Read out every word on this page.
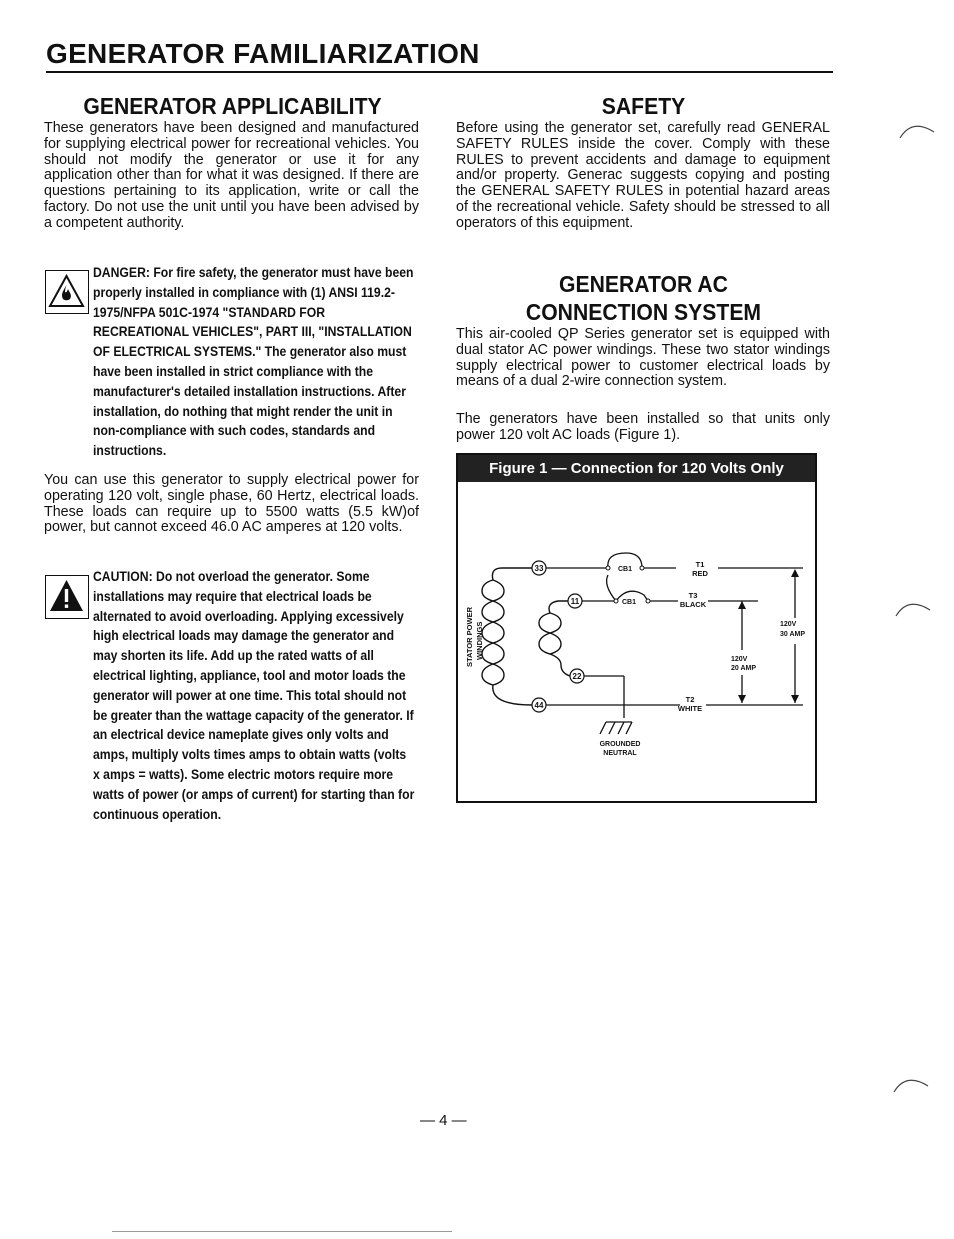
GENERATOR FAMILIARIZATION
GENERATOR APPLICABILITY

These generators have been designed and manufactured for supplying electrical power for recreational vehicles. You should not modify the generator or use it for any application other than for what it was designed. If there are questions pertaining to its application, write or call the factory. Do not use the unit until you have been advised by a competent authority.

DANGER: For fire safety, the generator must have been properly installed in compliance with (1) ANSI 119.2-1975/NFPA 501C-1974 "STANDARD FOR RECREATIONAL VEHICLES", PART III, "INSTALLATION OF ELECTRICAL SYSTEMS." The generator also must have been installed in strict compliance with the manufacturer's detailed installation instructions. After installation, do nothing that might render the unit in non-compliance with such codes, standards and instructions.

You can use this generator to supply electrical power for operating 120 volt, single phase, 60 Hertz, electrical loads. These loads can require up to 5500 watts (5.5 kW)of power, but cannot exceed 46.0 AC amperes at 120 volts.

CAUTION: Do not overload the generator. Some installations may require that electrical loads be alternated to avoid overloading. Applying excessively high electrical loads may damage the generator and may shorten its life. Add up the rated watts of all electrical lighting, appliance, tool and motor loads the generator will power at one time. This total should not be greater than the wattage capacity of the generator. If an electrical device nameplate gives only volts and amps, multiply volts times amps to obtain watts (volts x amps = watts). Some electric motors require more watts of power (or amps of current) for starting than for continuous operation.

SAFETY

Before using the generator set, carefully read GENERAL SAFETY RULES inside the cover. Comply with these RULES to prevent accidents and damage to equipment and/or property. Generac suggests copying and posting the GENERAL SAFETY RULES in potential hazard areas of the recreational vehicle. Safety should be stressed to all operators of this equipment.

GENERATOR AC
CONNECTION SYSTEM

This air-cooled QP Series generator set is equipped with dual stator AC power windings. These two stator windings supply electrical power to customer electrical loads by means of a dual 2-wire connection system.

The generators have been installed so that units only power 120 volt AC loads (Figure 1).

Figure 1 — Connection for 120 Volts Only
STATOR POWER WINDINGS
33
11
22
44
CB1
CB1
T1
RED
T3
BLACK
T2
WHITE
120V
30 AMP
120V
20 AMP
GROUNDED
NEUTRAL
— 4 —
